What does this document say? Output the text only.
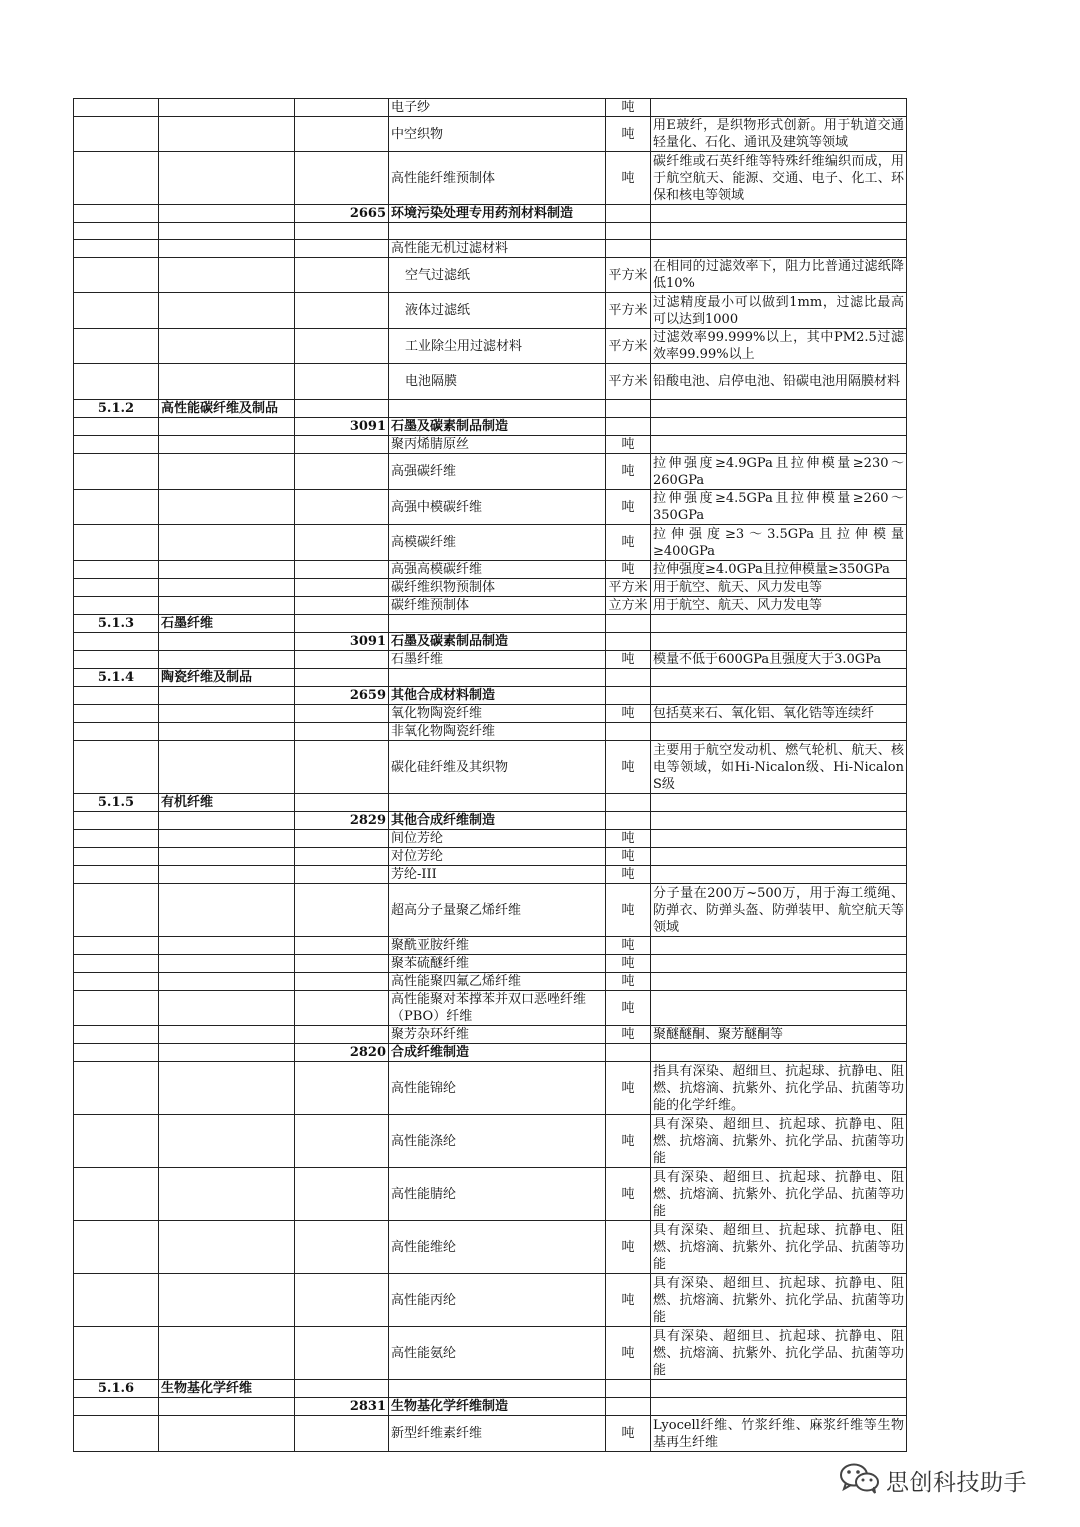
			电子纱	吨	
			中空织物	吨	用E玻纤，是织物形式创新。用于轨道交通轻量化、石化、通讯及建筑等领域
			高性能纤维预制体	吨	碳纤维或石英纤维等特殊纤维编织而成，用于航空航天、能源、交通、电子、化工、环保和核电等领域
		2665	环境污染处理专用药剂材料制造		

			高性能无机过滤材料		
			空气过滤纸	平方米	在相同的过滤效率下，阻力比普通过滤纸降低10%
			液体过滤纸	平方米	过滤精度最小可以做到1mm，过滤比最高可以达到1000
			工业除尘用过滤材料	平方米	过滤效率99.999%以上，其中PM2.5过滤效率99.99%以上
			电池隔膜	平方米	铅酸电池、启停电池、铅碳电池用隔膜材料
5.1.2	高性能碳纤维及制品				
		3091	石墨及碳素制品制造		
			聚丙烯腈原丝	吨	
			高强碳纤维	吨	拉伸强度≥4.9GPa且拉伸模量≥230～260GPa
			高强中模碳纤维	吨	拉伸强度≥4.5GPa且拉伸模量≥260～350GPa
			高模碳纤维	吨	拉伸强度≥3～3.5GPa且拉伸模量≥400GPa
			高强高模碳纤维	吨	拉伸强度≥4.0GPa且拉伸模量≥350GPa
			碳纤维织物预制体	平方米	用于航空、航天、风力发电等
			碳纤维预制体	立方米	用于航空、航天、风力发电等
5.1.3	石墨纤维				
		3091	石墨及碳素制品制造		
			石墨纤维	吨	模量不低于600GPa且强度大于3.0GPa
5.1.4	陶瓷纤维及制品				
		2659	其他合成材料制造		
			氧化物陶瓷纤维	吨	包括莫来石、氧化铝、氧化锆等连续纤
			非氧化物陶瓷纤维		
			碳化硅纤维及其织物	吨	主要用于航空发动机、燃气轮机、航天、核电等领域，如Hi-Nicalon级、Hi-Nicalon S级
5.1.5	有机纤维				
		2829	其他合成纤维制造		
			间位芳纶	吨	
			对位芳纶	吨	
			芳纶-III	吨	
			超高分子量聚乙烯纤维	吨	分子量在200万~500万，用于海工缆绳、防弹衣、防弹头盔、防弹装甲、航空航天等领域
			聚酰亚胺纤维	吨	
			聚苯硫醚纤维	吨	
			高性能聚四氟乙烯纤维	吨	
			高性能聚对苯撑苯并双口恶唑纤维（PBO）纤维	吨	
			聚芳杂环纤维	吨	聚醚醚酮、聚芳醚酮等
		2820	合成纤维制造		
			高性能锦纶	吨	指具有深染、超细旦、抗起球、抗静电、阻燃、抗熔滴、抗紫外、抗化学品、抗菌等功能的化学纤维。
			高性能涤纶	吨	具有深染、超细旦、抗起球、抗静电、阻燃、抗熔滴、抗紫外、抗化学品、抗菌等功能
			高性能腈纶	吨	具有深染、超细旦、抗起球、抗静电、阻燃、抗熔滴、抗紫外、抗化学品、抗菌等功能
			高性能维纶	吨	具有深染、超细旦、抗起球、抗静电、阻燃、抗熔滴、抗紫外、抗化学品、抗菌等功能
			高性能丙纶	吨	具有深染、超细旦、抗起球、抗静电、阻燃、抗熔滴、抗紫外、抗化学品、抗菌等功能
			高性能氨纶	吨	具有深染、超细旦、抗起球、抗静电、阻燃、抗熔滴、抗紫外、抗化学品、抗菌等功能
5.1.6	生物基化学纤维				
		2831	生物基化学纤维制造		
			新型纤维素纤维	吨	Lyocell纤维、竹浆纤维、麻浆纤维等生物基再生纤维
思创科技助手
